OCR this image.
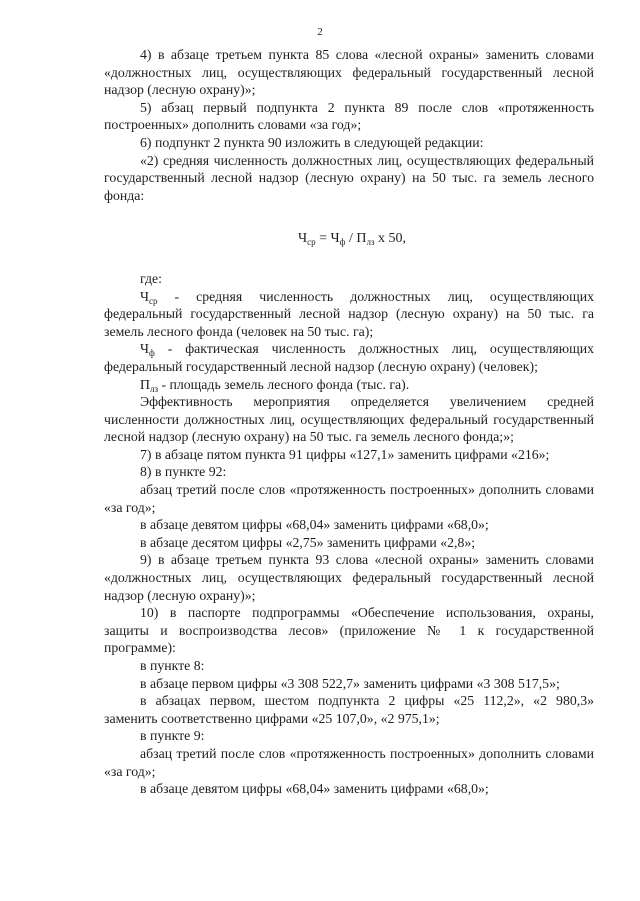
2

4) в абзаце третьем пункта 85 слова «лесной охраны» заменить словами «должностных лиц, осуществляющих федеральный государственный лесной надзор (лесную охрану)»;

5) абзац первый подпункта 2 пункта 89 после слов «протяженность построенных» дополнить словами «за год»;

6) подпункт 2 пункта 90 изложить в следующей редакции:

«2) средняя численность должностных лиц, осуществляющих федеральный государственный лесной надзор (лесную охрану) на 50 тыс. га земель лесного фонда:

$Ч_{ср} = Ч_ф / П_{лз}$ х 50,

где:

$Ч_{ср}$ - средняя численность должностных лиц, осуществляющих федеральный государственный лесной надзор (лесную охрану) на 50 тыс. га земель лесного фонда (человек на 50 тыс. га);

$Ч_ф$ - фактическая численность должностных лиц, осуществляющих федеральный государственный лесной надзор (лесную охрану) (человек);

$П_{лз}$ - площадь земель лесного фонда (тыс. га).

Эффективность мероприятия определяется увеличением средней численности должностных лиц, осуществляющих федеральный государственный лесной надзор (лесную охрану) на 50 тыс. га земель лесного фонда;»;

7) в абзаце пятом пункта 91 цифры «127,1» заменить цифрами «216»;

8) в пункте 92:

абзац третий после слов «протяженность построенных» дополнить словами «за год»;

в абзаце девятом цифры «68,04» заменить цифрами «68,0»;

в абзаце десятом цифры «2,75» заменить цифрами «2,8»;

9) в абзаце третьем пункта 93 слова «лесной охраны» заменить словами «должностных лиц, осуществляющих федеральный государственный лесной надзор (лесную охрану)»;

10) в паспорте подпрограммы «Обеспечение использования, охраны, защиты и воспроизводства лесов» (приложение № 1 к государственной программе):

в пункте 8:

в абзаце первом цифры «3 308 522,7» заменить цифрами «3 308 517,5»;

в абзацах первом, шестом подпункта 2 цифры «25 112,2», «2 980,3» заменить соответственно цифрами «25 107,0», «2 975,1»;

в пункте 9:

абзац третий после слов «протяженность построенных» дополнить словами «за год»;

в абзаце девятом цифры «68,04» заменить цифрами «68,0»;
